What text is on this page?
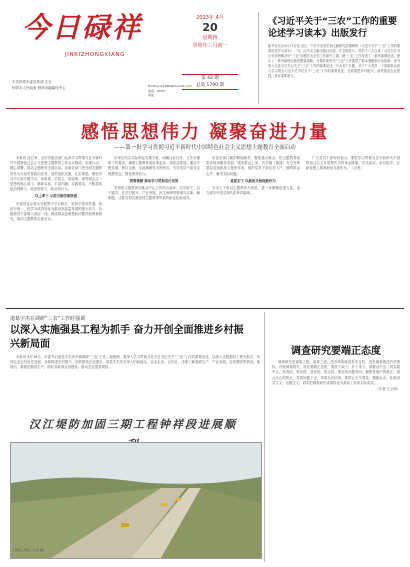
今日碌祥
JINRIZHONGXIANG
中共钟祥市委宣传部 主办
钟祥市人民政府 钟祥市融媒体中心	Email:jrzx1986@foxmail.com
电话：0724-
地址：
2023年 4月
20
星期四
癸卯年三月初一
第 42 期
总第 1790 期
《习近平关于“三农”工作的重要论述学习读本》出版发行
新华社北京4月17日电 近日，中共中央党史和文献研究院编辑的《习近平关于“三农”工作的重要论述学习读本》一书，由中央文献出版社出版，在全国发行。党的十八大以来，习近平总书记坚持把解决好“三农”问题作为全党工作重中之重，就“三农”工作发表了一系列重要论述，提出了一系列新理念新思想新战略，为做好新时代“三农”工作提供了根本遵循和行动指南。该书收入习近平总书记关于“三农”工作的重要论述，分为若干专题，对于广大党员、干部和群众深入学习领会习近平总书记关于“三农”工作的重要论述，全面推进乡村振兴，加快建设农业强国，具有重要意义。
感悟思想伟力 凝聚奋进力量
——第一批学习贯彻习近平新时代中国特色社会主义思想主题教育全面启动

本报讯 连日来，全市各级各部门认真学习贯彻习近平新时代中国特色社会主义思想主题教育工作会议精神，迅速行动、精心部署，推动主题教育全面启动。各地各部门把开展主题教育作为当前首要政治任务，周密组织实施，扎实推进。理论学习中心组专题学习，读原著、学原文、悟原理，深刻领会这一思想的核心要义、精神实质、丰富内涵、实践要求，不断提高政治判断力、政治领悟力、政治执行力。

以上率下 示范引领学深悟透

市委常委会带头开展集中学习研讨，坚持学思用贯通、知信行统一，把学习成效转化为推动高质量发展的强大动力。各级领导干部深入基层一线，围绕群众急难愁盼问题开展调查研究，推动主题教育走深走实。

各单位结合实际制定实施方案，明确目标任务、方法步骤和工作要求，确保主题教育高标准起步、高质量推进。通过专题党课、研讨交流、实地调研等多种形式，引导党员干部坚定理想信念，强化使命担当。

统筹兼顾 推动学习贯彻见行见效

坚持把主题教育同推动中心工作结合起来，以学促干、以干践学，在乡村振兴、产业发展、民生保障等领域办实事、解难题，让群众切实感受到主题教育带来的新变化新成效。

市直各部门紧扣职能职责，聚焦重点难点，把主题教育成果体现到服务发展、服务群众上来。各乡镇（街道）充分发挥基层党组织战斗堡垒作用，组织党员干部走村入户，倾听群众心声，解决实际问题。

真抓实干 以新担当展现新作为

全市上下将以主题教育为契机，进一步凝聚奋进力量，奋力谱写中国式现代化钟祥篇章。

广大党员干部纷纷表示，要把学习贯彻习近平新时代中国特色社会主义思想作为终身必修课，学以致用、用以促学，在新征程上展现新担当新作为。（记者）

诸葛宇杰在调研“三农”工作时强调
以深入实施强县工程为抓手 奋力开创全面推进乡村振兴新局面

本报讯 4月18日，市委书记诸葛宇杰到乡镇调研“三农”工作。他强调，要深入学习贯彻习近平总书记关于“三农”工作的重要论述，以深入实施强县工程为抓手，坚持农业农村优先发展，全面推进乡村振兴，加快建设农业强市。诸葛宇杰先后深入田间地头、农业企业、合作社，详细了解春耕生产、产业发展、农民增收等情况。他指出，要稳定粮食生产，抓好高标准农田建设，推动农业提质增效。

汉江堤防加固三期工程钟祥段进展顺
工程施工现场（记者 摄）
调查研究要端正态度

调查研究是谋事之基、成事之道。没有调查就没有发言权，没有调查就没有决策权。开展调查研究，首先要端正态度，要放下架子、扑下身子，到群众中去、到实践中去，听真话、察实情、获真知、收实效。要坚持问题导向，聚焦发展中的难点、群众关心的热点，带着问题下去，带着办法回来。要防止走马观花、蜻蜓点水，杜绝形式主义、官僚主义，切实把调查研究成果转化为推动工作的实际成效。

（作者 王文明）
